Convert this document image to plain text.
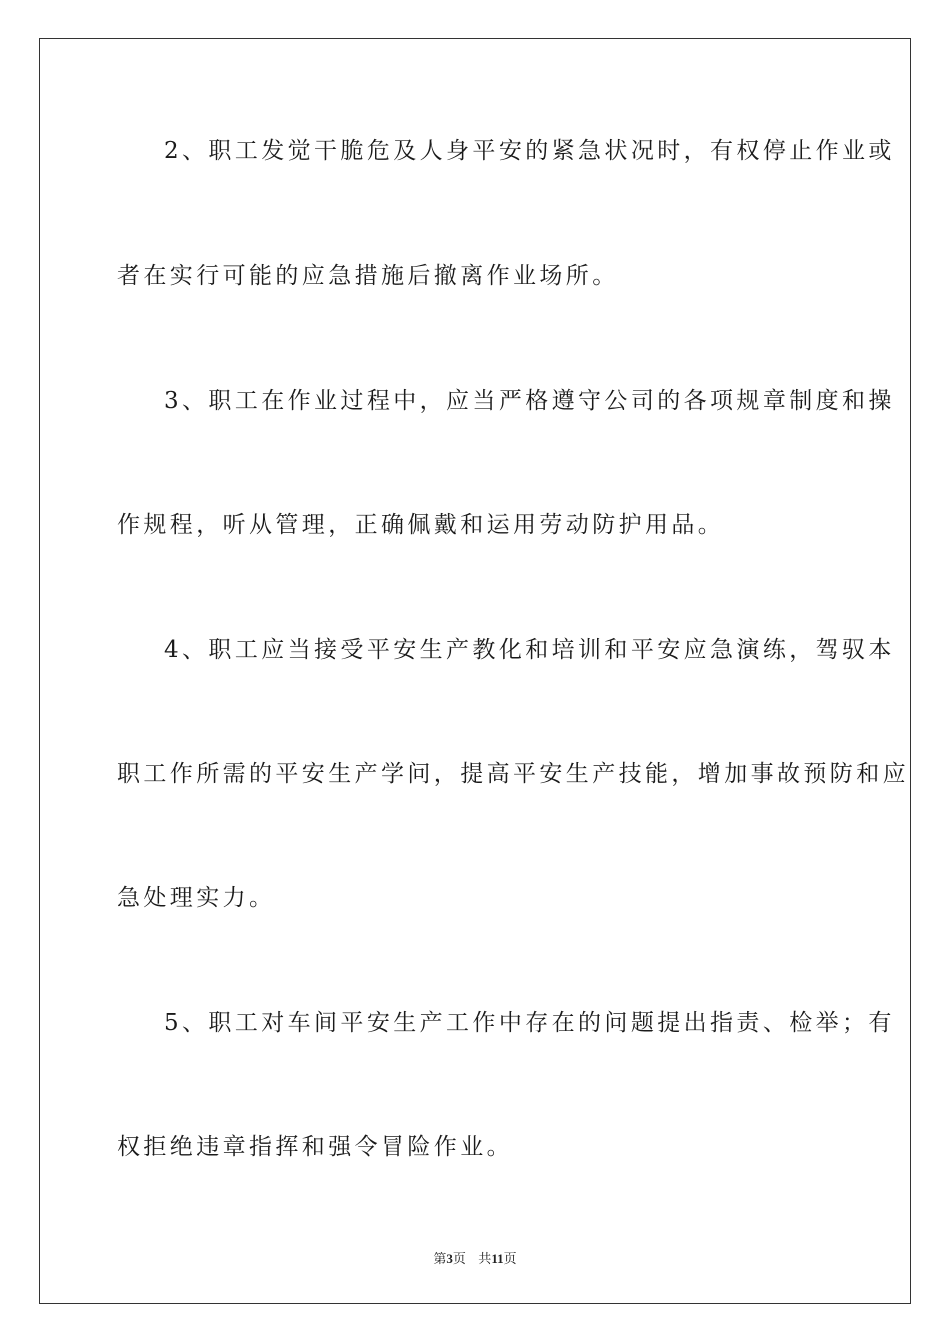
2、职工发觉干脆危及人身平安的紧急状况时，有权停止作业或
者在实行可能的应急措施后撤离作业场所。
3、职工在作业过程中，应当严格遵守公司的各项规章制度和操
作规程，听从管理，正确佩戴和运用劳动防护用品。
4、职工应当接受平安生产教化和培训和平安应急演练，驾驭本
职工作所需的平安生产学问，提高平安生产技能，增加事故预防和应
急处理实力。
5、职工对车间平安生产工作中存在的问题提出指责、检举；有
权拒绝违章指挥和强令冒险作业。
第3页 共11页
